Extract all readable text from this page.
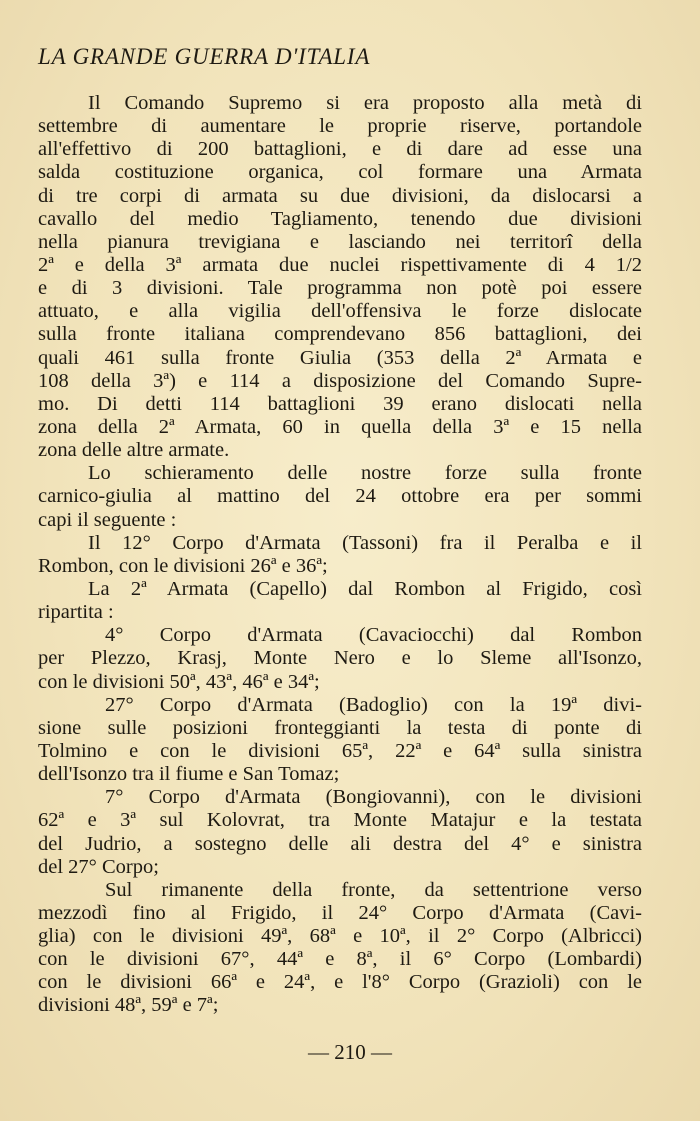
LA GRANDE GUERRA D'ITALIA
Il Comando Supremo si era proposto alla metà di
settembre di aumentare le proprie riserve, portandole
all'effettivo di 200 battaglioni, e di dare ad esse una
salda costituzione organica, col formare una Armata
di tre corpi di armata su due divisioni, da dislocarsi a
cavallo del medio Tagliamento, tenendo due divisioni
nella pianura trevigiana e lasciando nei territorî della
2ª e della 3ª armata due nuclei rispettivamente di 4 1/2
e di 3 divisioni. Tale programma non potè poi essere
attuato, e alla vigilia dell'offensiva le forze dislocate
sulla fronte italiana comprendevano 856 battaglioni, dei
quali 461 sulla fronte Giulia (353 della 2ª Armata e
108 della 3ª) e 114 a disposizione del Comando Supre-
mo. Di detti 114 battaglioni 39 erano dislocati nella
zona della 2ª Armata, 60 in quella della 3ª e 15 nella
zona delle altre armate.
Lo schieramento delle nostre forze sulla fronte
carnico-giulia al mattino del 24 ottobre era per sommi
capi il seguente :
Il 12° Corpo d'Armata (Tassoni) fra il Peralba e il
Rombon, con le divisioni 26ª e 36ª;
La 2ª Armata (Capello) dal Rombon al Frigido, così
ripartita :
4° Corpo d'Armata (Cavaciocchi) dal Rombon
per Plezzo, Krasj, Monte Nero e lo Sleme all'Isonzo,
con le divisioni 50ª, 43ª, 46ª e 34ª;
27° Corpo d'Armata (Badoglio) con la 19ª divi-
sione sulle posizioni fronteggianti la testa di ponte di
Tolmino e con le divisioni 65ª, 22ª e 64ª sulla sinistra
dell'Isonzo tra il fiume e San Tomaz;
7° Corpo d'Armata (Bongiovanni), con le divisioni
62ª e 3ª sul Kolovrat, tra Monte Matajur e la testata
del Judrio, a sostegno delle ali destra del 4° e sinistra
del 27° Corpo;
Sul rimanente della fronte, da settentrione verso
mezzodì fino al Frigido, il 24° Corpo d'Armata (Cavi-
glia) con le divisioni 49ª, 68ª e 10ª, il 2° Corpo (Albricci)
con le divisioni 67°, 44ª e 8ª, il 6° Corpo (Lombardi)
con le divisioni 66ª e 24ª, e l'8° Corpo (Grazioli) con le
divisioni 48ª, 59ª e 7ª;
— 210 —
